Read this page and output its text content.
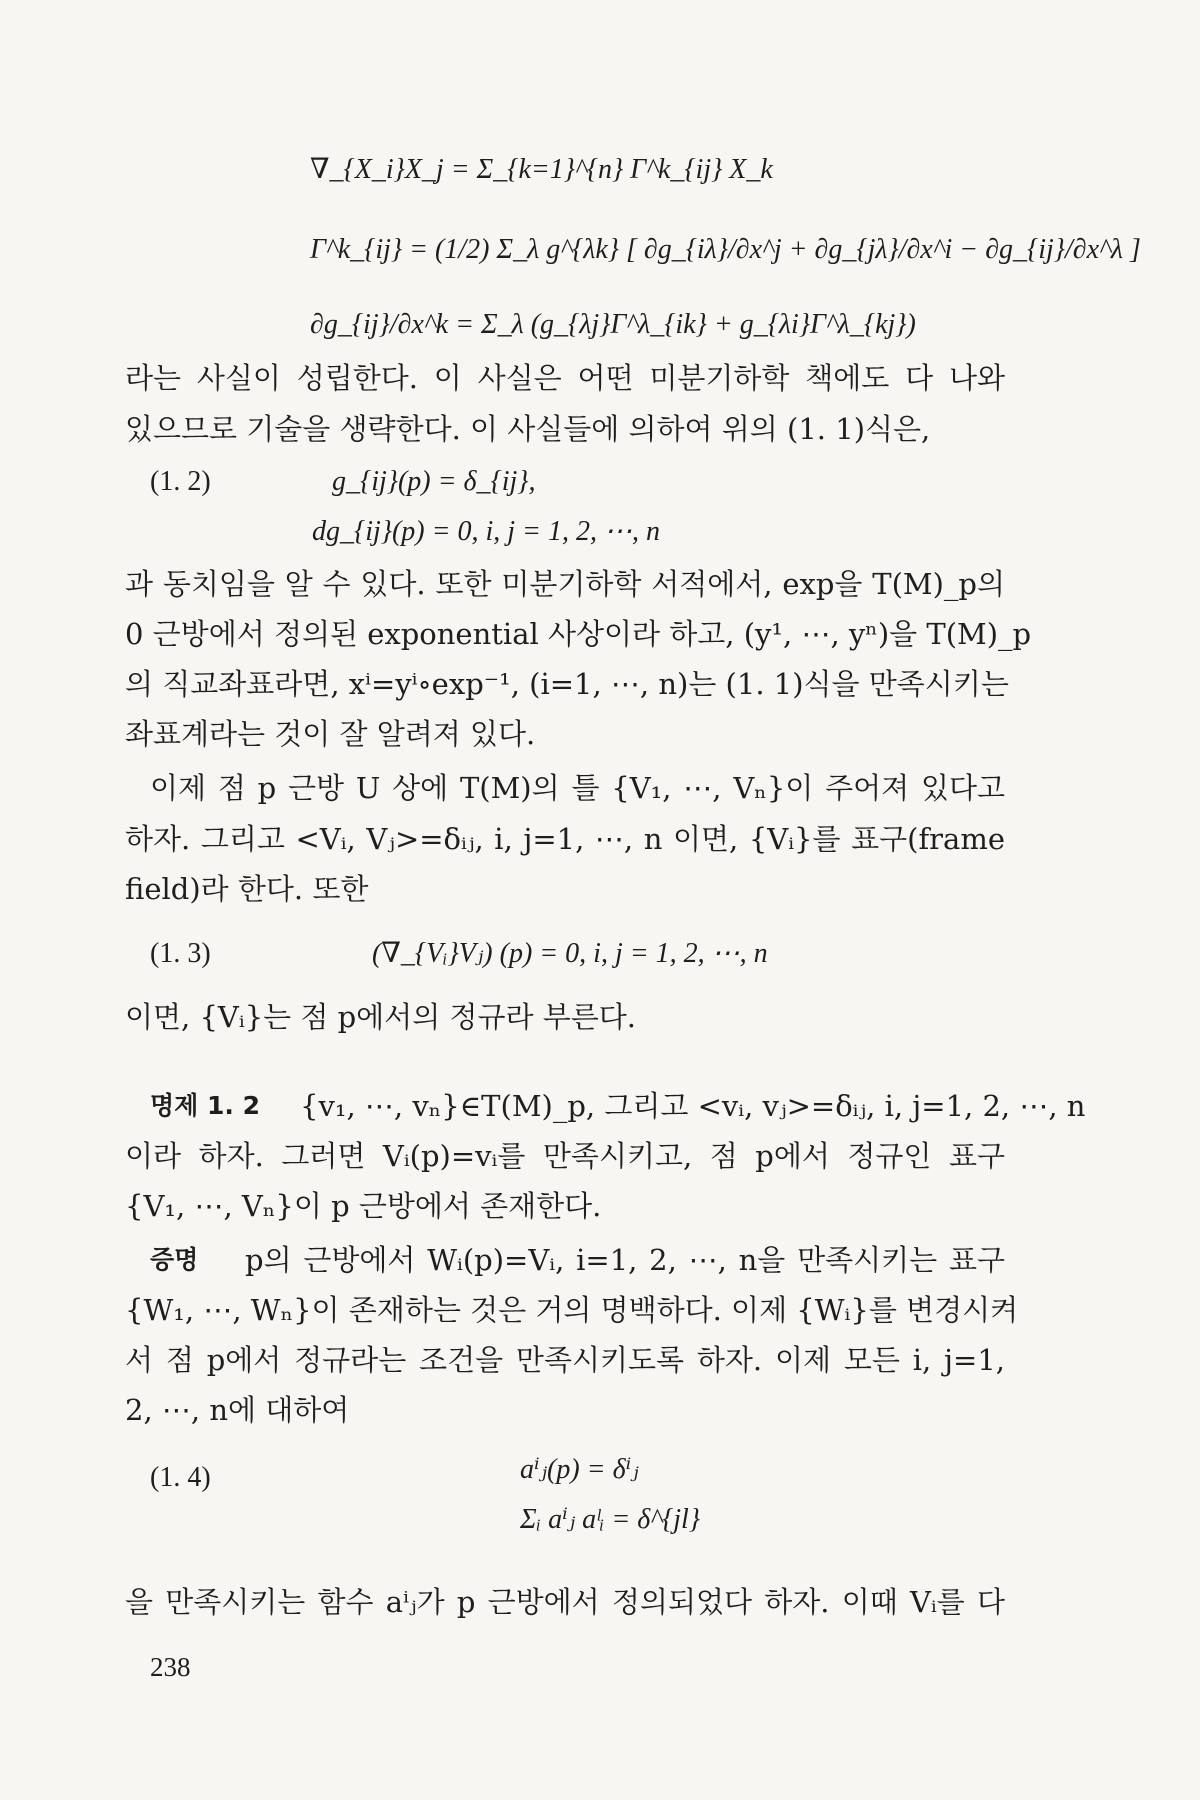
∇_{X_i}X_j = Σ_{k=1}^{n} Γ^k_{ij} X_k
Γ^k_{ij} = (1/2) Σ_λ g^{λk} [ ∂g_{iλ}/∂x^j + ∂g_{jλ}/∂x^i − ∂g_{ij}/∂x^λ ]
∂g_{ij}/∂x^k = Σ_λ (g_{λj}Γ^λ_{ik} + g_{λi}Γ^λ_{kj})
라는 사실이 성립한다. 이 사실은 어떤 미분기하학 책에도 다 나와
있으므로 기술을 생략한다. 이 사실들에 의하여 위의 (1. 1)식은,
(1. 2)	g_{ij}(p) = δ_{ij},
dg_{ij}(p) = 0, i, j = 1, 2, ⋯, n
과 동치임을 알 수 있다. 또한 미분기하학 서적에서, exp을 T(M)_p의
0 근방에서 정의된 exponential 사상이라 하고, (y¹, ⋯, yⁿ)을 T(M)_p
의 직교좌표라면, xⁱ=yⁱ∘exp⁻¹, (i=1, ⋯, n)는 (1. 1)식을 만족시키는
좌표계라는 것이 잘 알려져 있다.
이제 점 p 근방 U 상에 T(M)의 틀 {V₁, ⋯, Vₙ}이 주어져 있다고
하자. 그리고 <Vᵢ, Vⱼ>=δᵢⱼ, i, j=1, ⋯, n 이면, {Vᵢ}를 표구(frame
field)라 한다. 또한
(1. 3)	(∇_{Vᵢ}Vⱼ) (p) = 0, i, j = 1, 2, ⋯, n
이면, {Vᵢ}는 점 p에서의 정규라 부른다.
명제 1. 2 {v₁, ⋯, vₙ}∈T(M)_p, 그리고 <vᵢ, vⱼ>=δᵢⱼ, i, j=1, 2, ⋯, n
이라 하자. 그러면 Vᵢ(p)=vᵢ를 만족시키고, 점 p에서 정규인 표구
{V₁, ⋯, Vₙ}이 p 근방에서 존재한다.
증명 p의 근방에서 Wᵢ(p)=Vᵢ, i=1, 2, ⋯, n을 만족시키는 표구
{W₁, ⋯, Wₙ}이 존재하는 것은 거의 명백하다. 이제 {Wᵢ}를 변경시켜
서 점 p에서 정규라는 조건을 만족시키도록 하자. 이제 모든 i, j=1,
2, ⋯, n에 대하여
(1. 4)	aⁱⱼ(p) = δⁱⱼ
Σᵢ aⁱⱼ aˡᵢ = δ^{jl}
을 만족시키는 함수 aⁱⱼ가 p 근방에서 정의되었다 하자. 이때 Vᵢ를 다
238
